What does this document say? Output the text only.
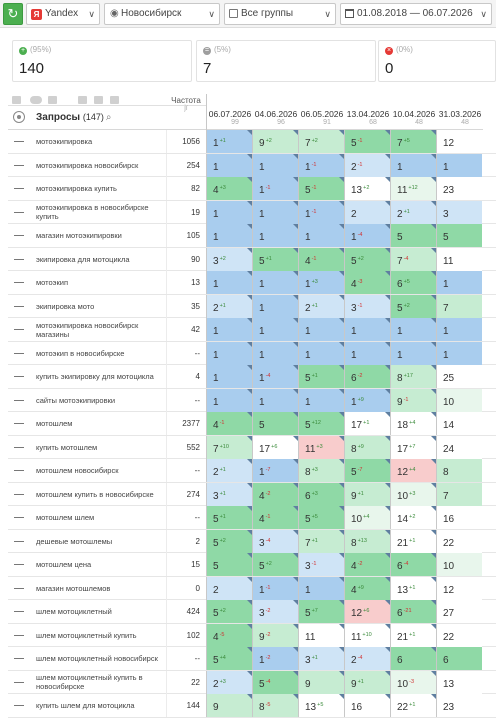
↻	Я Yandex ∨ ◉ Новосибирск	∨	Все группы	∨	01.08.2018 — 06.07.2026 ∨
+ (95%)
140
= (5%)
7
× (0%)
0
Запросы (147) ⌕
Частота
јї
06.07.2026
99
04.06.2026
96
06.05.2026
91
13.04.2026
68
10.04.2026
48
31.03.2026
48
мотоэкипировка	1056	$1^{+1}$	$9^{+2}$	$7^{+2}$	$5^{-1}$	$7^{+5}$	12
мотоэкипировка новосибирск	254	1	1	$1^{-1}$	$2^{-1}$	1	1
мотоэкипировка купить	82	$4^{+3}$	$1^{-1}$	$5^{-1}$	$13^{+2}$	$11^{+12}$	23
мотоэкипировка в новосибирске купить	19	1	1	$1^{-1}$	2	$2^{+1}$	3
магазин мотоэкипировки	105	1	1	1	$1^{-4}$	5	5
экипировка для мотоцикла	90	$3^{+2}$	$5^{+1}$	$4^{-1}$	$5^{+2}$	$7^{-4}$	11
мотоэкип	13	1	1	$1^{+3}$	$4^{-3}$	$6^{+5}$	1
экипировка мото	35	$2^{+1}$	1	$2^{+1}$	$3^{-1}$	$5^{+2}$	7
мотоэкипировка новосибирск магазины	42	1	1	1	1	1	1
мотоэкип в новосибирске	--	1	1	1	1	1	1
купить экипировку для мотоцикла	4	1	$1^{-4}$	$5^{+1}$	$6^{-2}$	$8^{+17}$	25
сайты мотоэкипировки	--	1	1	1	$1^{+9}$	$9^{-1}$	10
мотошлем	2377	$4^{-1}$	5	$5^{+12}$	$17^{+1}$	$18^{+4}$	14
купить мотошлем	552	$7^{+10}$	$17^{+6}$	$11^{+3}$	$8^{+9}$	$17^{+7}$	24
мотошлем новосибирск	--	$2^{+1}$	$1^{-7}$	$8^{+3}$	$5^{-7}$	$12^{+4}$	8
мотошлем купить в новосибирске	274	$3^{+1}$	$4^{-2}$	$6^{+3}$	$9^{+1}$	$10^{+3}$	7
мотошлем шлем	--	$5^{+1}$	$4^{-1}$	$5^{+5}$	$10^{+4}$	$14^{+2}$	16
дешевые мотошлемы	2	$5^{+2}$	$3^{-4}$	$7^{+1}$	$8^{+13}$	$21^{+1}$	22
мотошлем цена	15	5	$5^{+2}$	$3^{-1}$	$4^{-2}$	$6^{-4}$	10
магазин мотошлемов	0	2	$1^{-1}$	1	$4^{+9}$	$13^{+1}$	12
шлем мотоциклетный	424	$5^{+2}$	$3^{-2}$	$5^{+7}$	$12^{+6}$	$6^{-21}$	27
шлем мотоциклетный купить	102	$4^{-5}$	$9^{-2}$	11	$11^{+10}$	$21^{+1}$	22
шлем мотоциклетный новосибирск	--	$5^{+4}$	$1^{-2}$	$3^{+1}$	$2^{-4}$	6	6
шлем мотоциклетный купить в новосибирске	22	$2^{+3}$	$5^{-4}$	9	$9^{+1}$	$10^{-3}$	13
купить шлем для мотоцикла	144	9	$8^{-5}$	$13^{+5}$	16	$22^{+1}$	23
